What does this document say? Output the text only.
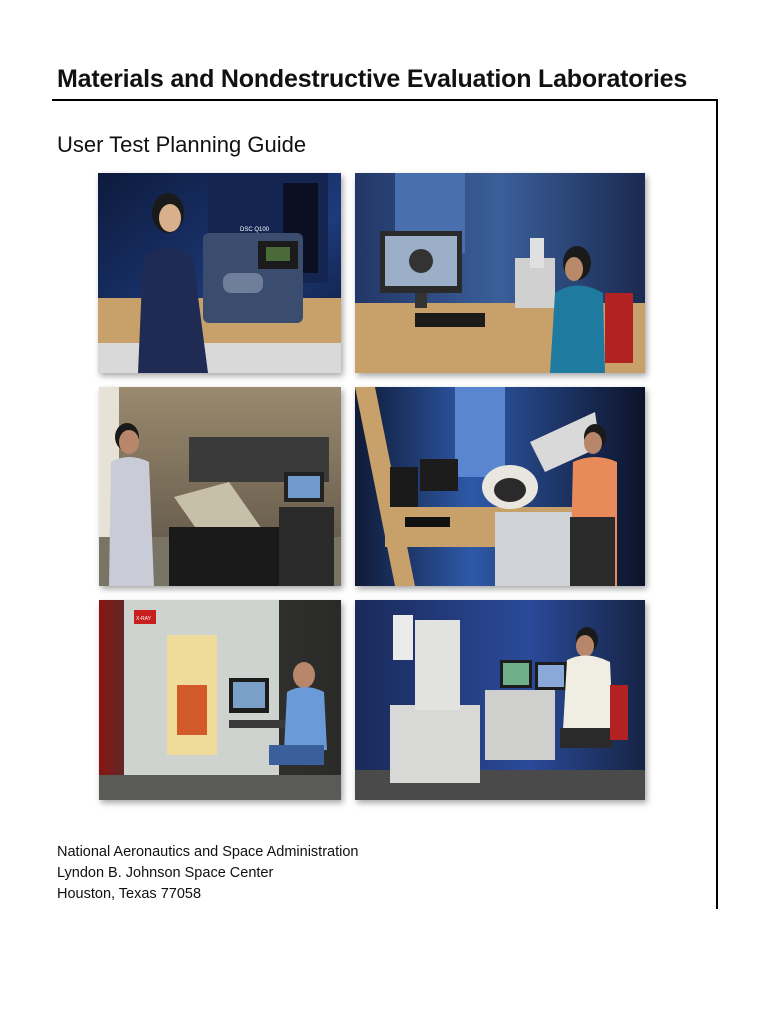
Materials and Nondestructive Evaluation Laboratories
User Test Planning Guide
DSC Q100
X-RAY
National Aeronautics and Space Administration
Lyndon B. Johnson Space Center
Houston, Texas 77058
